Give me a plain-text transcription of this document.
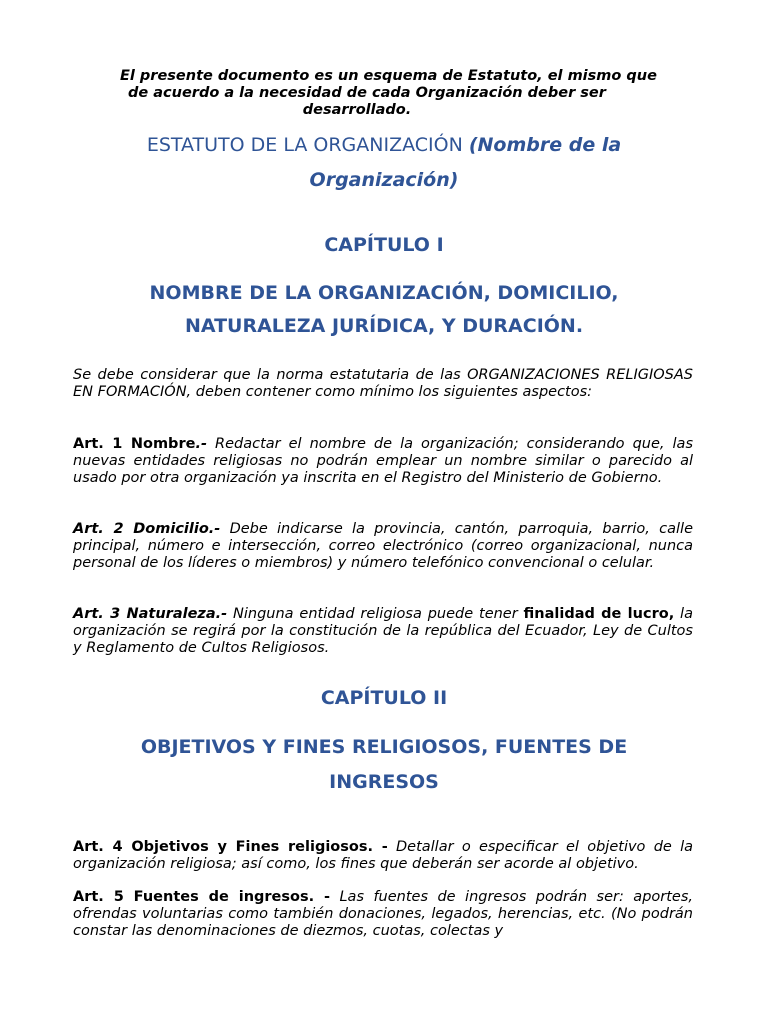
El presente documento es un esquema de Estatuto, el mismo que
de acuerdo a la necesidad de cada Organización deber ser
desarrollado.
ESTATUTO DE LA ORGANIZACIÓN (Nombre de la
Organización)
CAPÍTULO I
NOMBRE DE LA ORGANIZACIÓN, DOMICILIO,
NATURALEZA JURÍDICA, Y DURACIÓN.
Se debe considerar que la norma estatutaria de las ORGANIZACIONES RELIGIOSAS EN FORMACIÓN, deben contener como mínimo los siguientes aspectos:
Art. 1 Nombre.- Redactar el nombre de la organización; considerando que, las nuevas entidades religiosas no podrán emplear un nombre similar o parecido al usado por otra organización ya inscrita en el Registro del Ministerio de Gobierno.
Art. 2 Domicilio.- Debe indicarse la provincia, cantón, parroquia, barrio, calle principal, número e intersección, correo electrónico (correo organizacional, nunca personal de los líderes o miembros) y número telefónico convencional o celular.
Art. 3 Naturaleza.- Ninguna entidad religiosa puede tener finalidad de lucro, la organización se regirá por la constitución de la república del Ecuador, Ley de Cultos y Reglamento de Cultos Religiosos.
CAPÍTULO II
OBJETIVOS Y FINES RELIGIOSOS, FUENTES DE
INGRESOS
Art. 4 Objetivos y Fines religiosos. - Detallar o especificar el objetivo de la organización religiosa; así como, los fines que deberán ser acorde al objetivo.
Art. 5 Fuentes de ingresos. - Las fuentes de ingresos podrán ser: aportes, ofrendas voluntarias como también donaciones, legados, herencias, etc. (No podrán constar las denominaciones de diezmos, cuotas, colectas y
